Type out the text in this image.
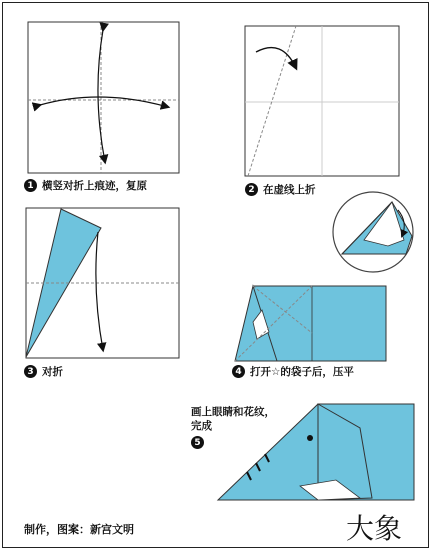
1 横竖对折上痕迹，复原	2 在虚线上折
3 对折	4 打开☆的袋子后，压平
画上眼睛和花纹，
完成
5
制作，图案：新宫文明	大象
